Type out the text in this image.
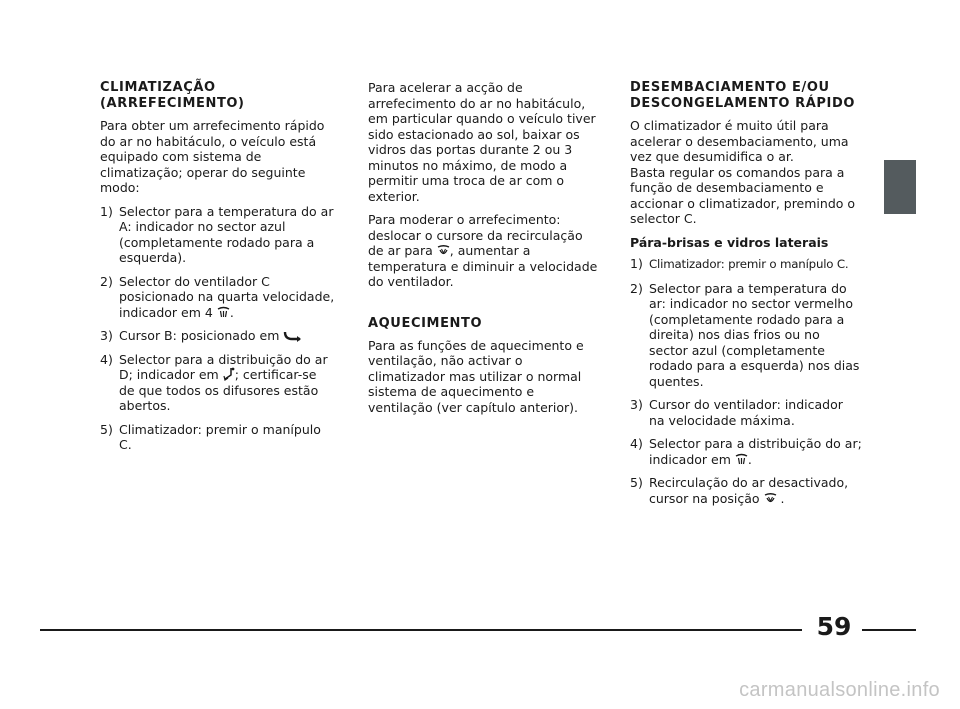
CLIMATIZAÇÃO (ARREFECIMENTO)

Para obter um arrefecimento rápido do ar no habitáculo, o veículo está equipado com sistema de climatização; operar do seguinte modo:

1) Selector para a temperatura do ar A: indicador no sector azul (completamente rodado para a esquerda).
2) Selector do ventilador C posicionado na quarta velocidade, indicador em 4 .
3) Cursor B: posicionado em
4) Selector para a distribuição do ar D; indicador em ; certificar-se de que todos os difusores estão abertos.
5) Climatizador: premir o manípulo C.

Para acelerar a acção de arrefecimento do ar no habitáculo, em particular quando o veículo tiver sido estacionado ao sol, baixar os vidros das portas durante 2 ou 3 minutos no máximo, de modo a permitir uma troca de ar com o exterior.

Para moderar o arrefecimento: deslocar o cursore da recirculação de ar para , aumentar a temperatura e diminuir a velocidade do ventilador.

AQUECIMENTO

Para as funções de aquecimento e ventilação, não activar o climatizador mas utilizar o normal sistema de aquecimento e ventilação (ver capítulo anterior).

DESEMBACIAMENTO E/OU DESCONGELAMENTO RÁPIDO

O climatizador é muito útil para acelerar o desembaciamento, uma vez que desumidifica o ar.
Basta regular os comandos para a função de desembaciamento e accionar o climatizador, premindo o selector C.

Pára-brisas e vidros laterais
1) Climatizador: premir o manípulo C.
2) Selector para a temperatura do ar: indicador no sector vermelho (completamente rodado para a direita) nos dias frios ou no sector azul (completamente rodado para a esquerda) nos dias quentes.
3) Cursor do ventilador: indicador na velocidade máxima.
4) Selector para a distribuição do ar; indicador em .
5) Recirculação do ar desactivado, cursor na posição
.
59
carmanualsonline.info
